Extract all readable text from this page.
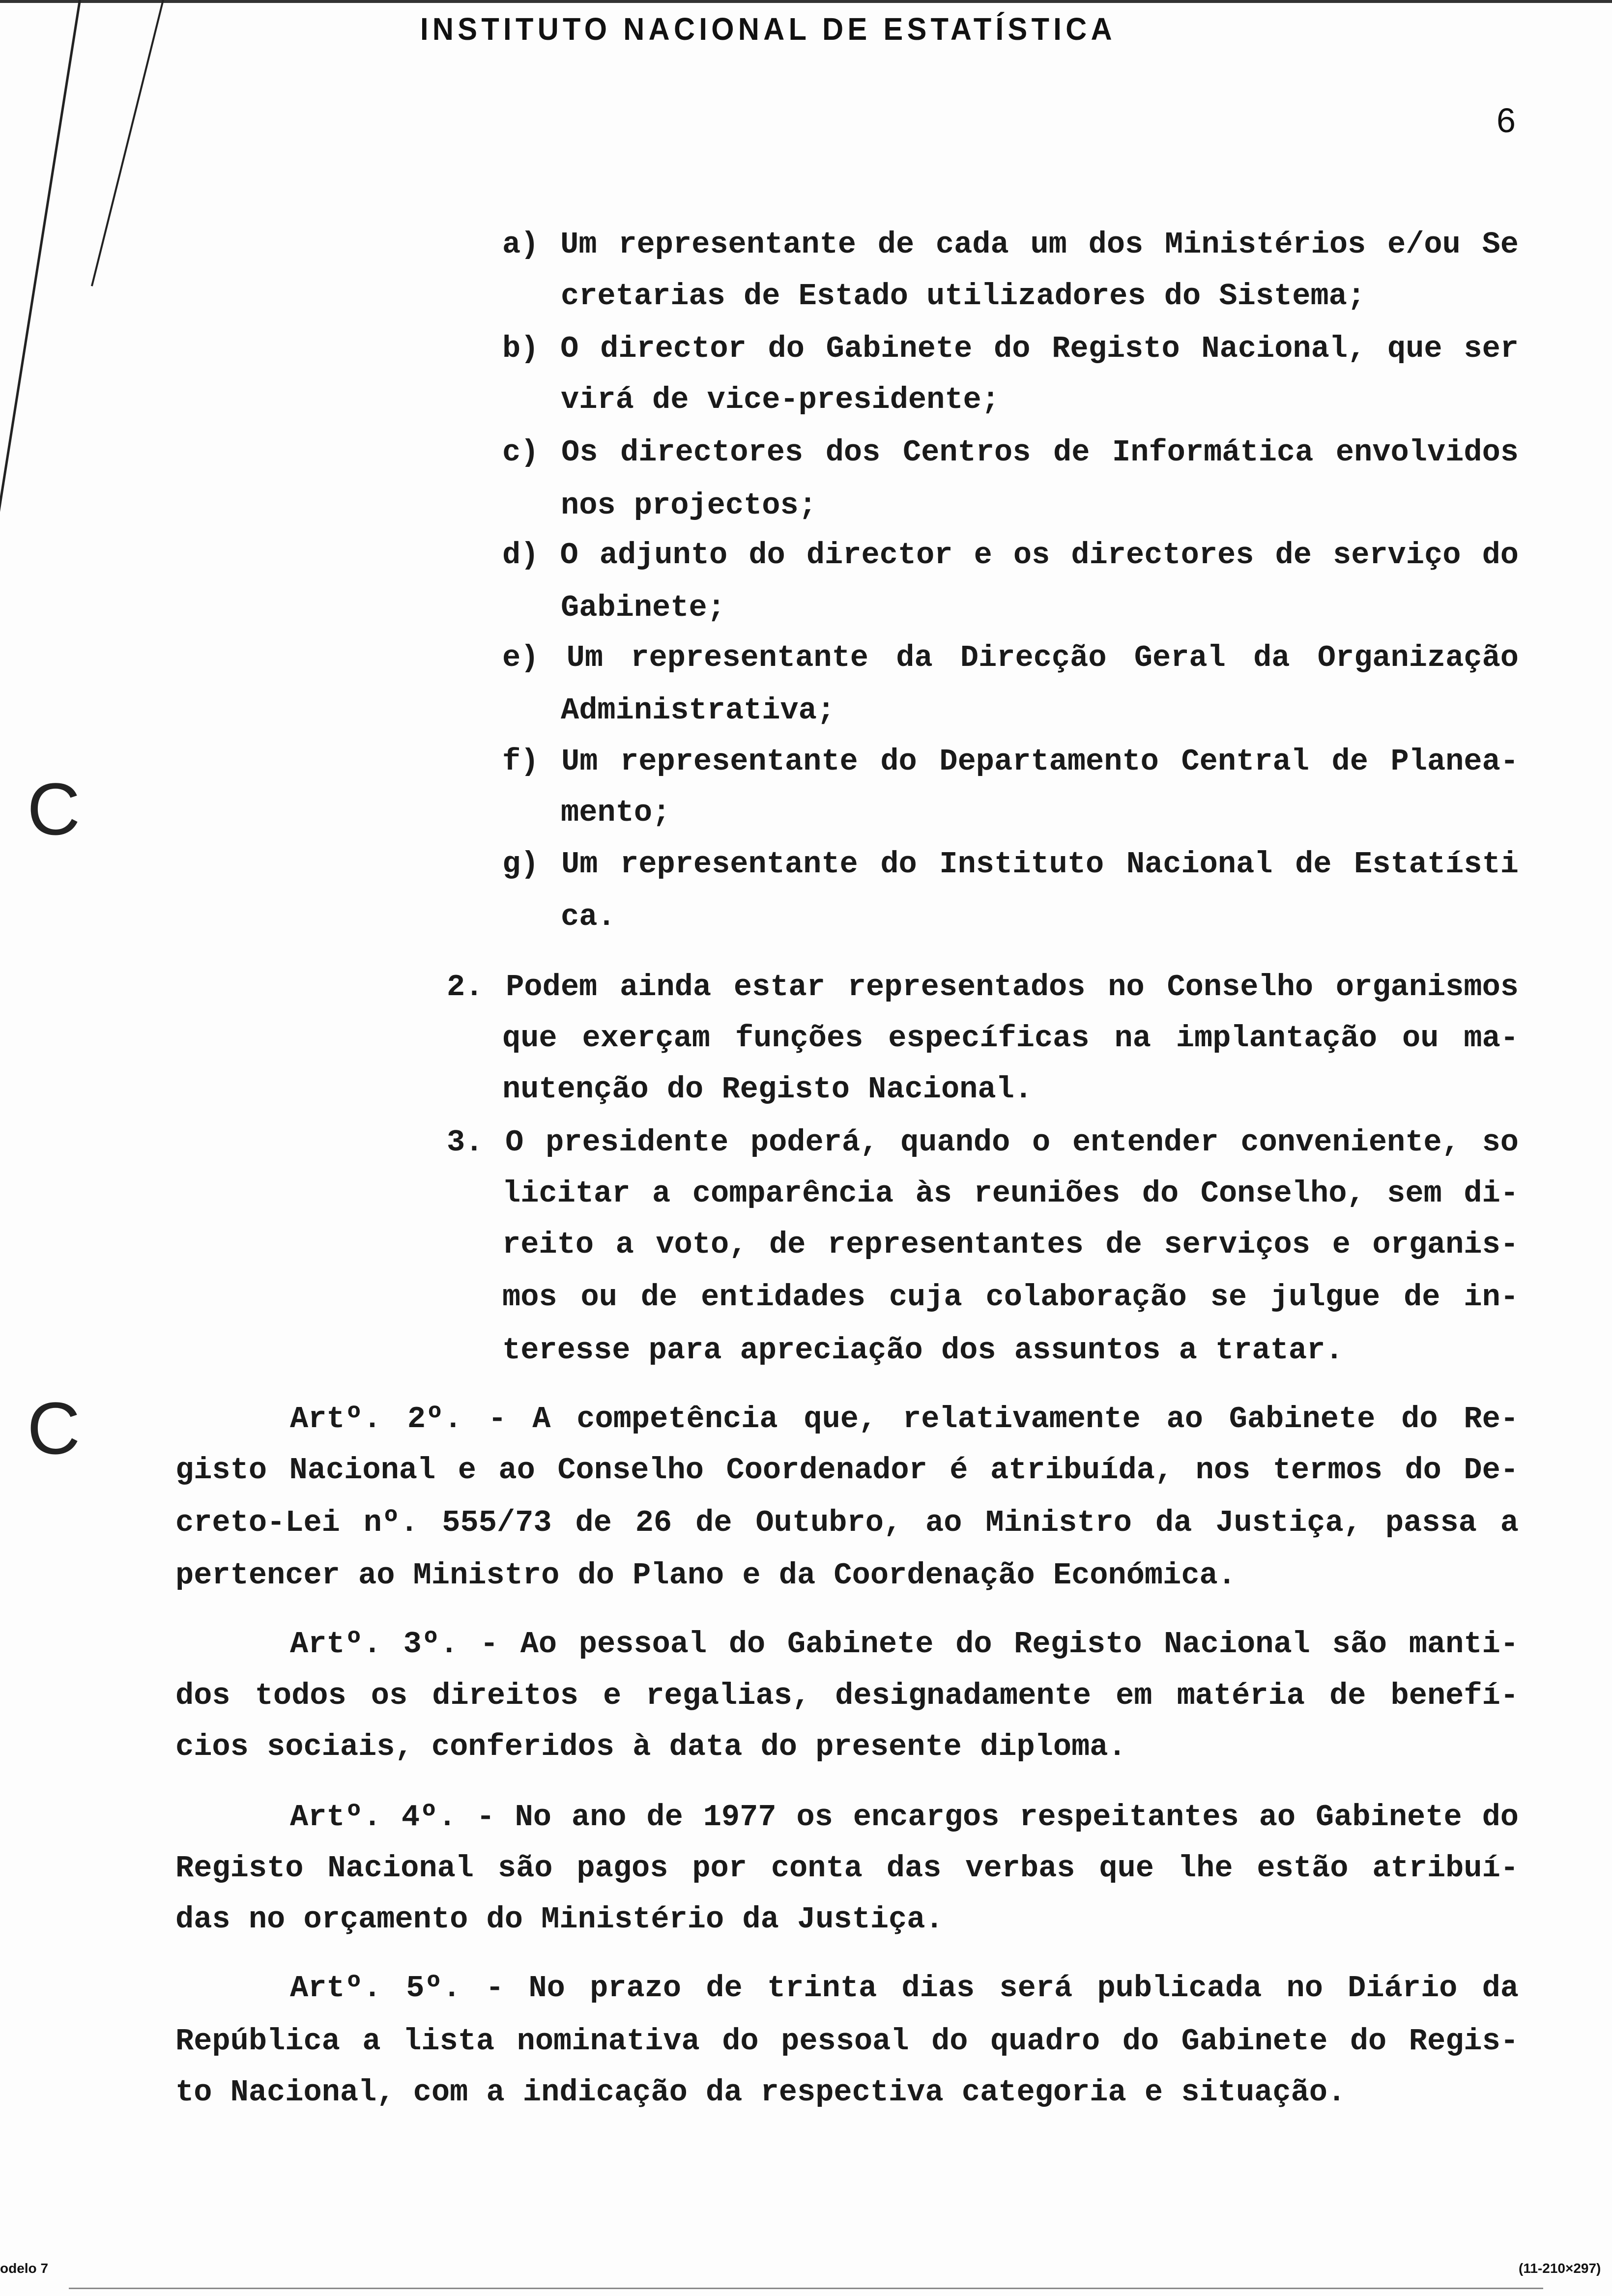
C
C
INSTITUTO NACIONAL DE ESTATÍSTICA
6
a) Um representante de cada um dos Ministérios e/ou Se
cretarias de Estado utilizadores do Sistema;
b) O director do Gabinete do Registo Nacional, que ser
virá de vice-presidente;
c) Os directores dos Centros de Informática envolvidos
nos projectos;
d) O adjunto do director e os directores de serviço do
Gabinete;
e) Um representante da Direcção Geral da Organização
Administrativa;
f) Um representante do Departamento Central de Planea-
mento;
g) Um representante do Instituto Nacional de Estatísti
ca.
2. Podem ainda estar representados no Conselho organismos
que exerçam funções específicas na implantação ou ma-
nutenção do Registo Nacional.
3. O presidente poderá, quando o entender conveniente, so
licitar a comparência às reuniões do Conselho, sem di-
reito a voto, de representantes de serviços e organis-
mos ou de entidades cuja colaboração se julgue de in-
teresse para apreciação dos assuntos a tratar.
Artº. 2º. - A competência que, relativamente ao Gabinete do Re-
gisto Nacional e ao Conselho Coordenador é atribuída, nos termos do De-
creto-Lei nº. 555/73 de 26 de Outubro, ao Ministro da Justiça, passa a
pertencer ao Ministro do Plano e da Coordenação Económica.
Artº. 3º. - Ao pessoal do Gabinete do Registo Nacional são manti-
dos todos os direitos e regalias, designadamente em matéria de benefí-
cios sociais, conferidos à data do presente diploma.
Artº. 4º. - No ano de 1977 os encargos respeitantes ao Gabinete do
Registo Nacional são pagos por conta das verbas que lhe estão atribuí-
das no orçamento do Ministério da Justiça.
Artº. 5º. - No prazo de trinta dias será publicada no Diário da
República a lista nominativa do pessoal do quadro do Gabinete do Regis-
to Nacional, com a indicação da respectiva categoria e situação.
odelo 7	(11-210×297)
